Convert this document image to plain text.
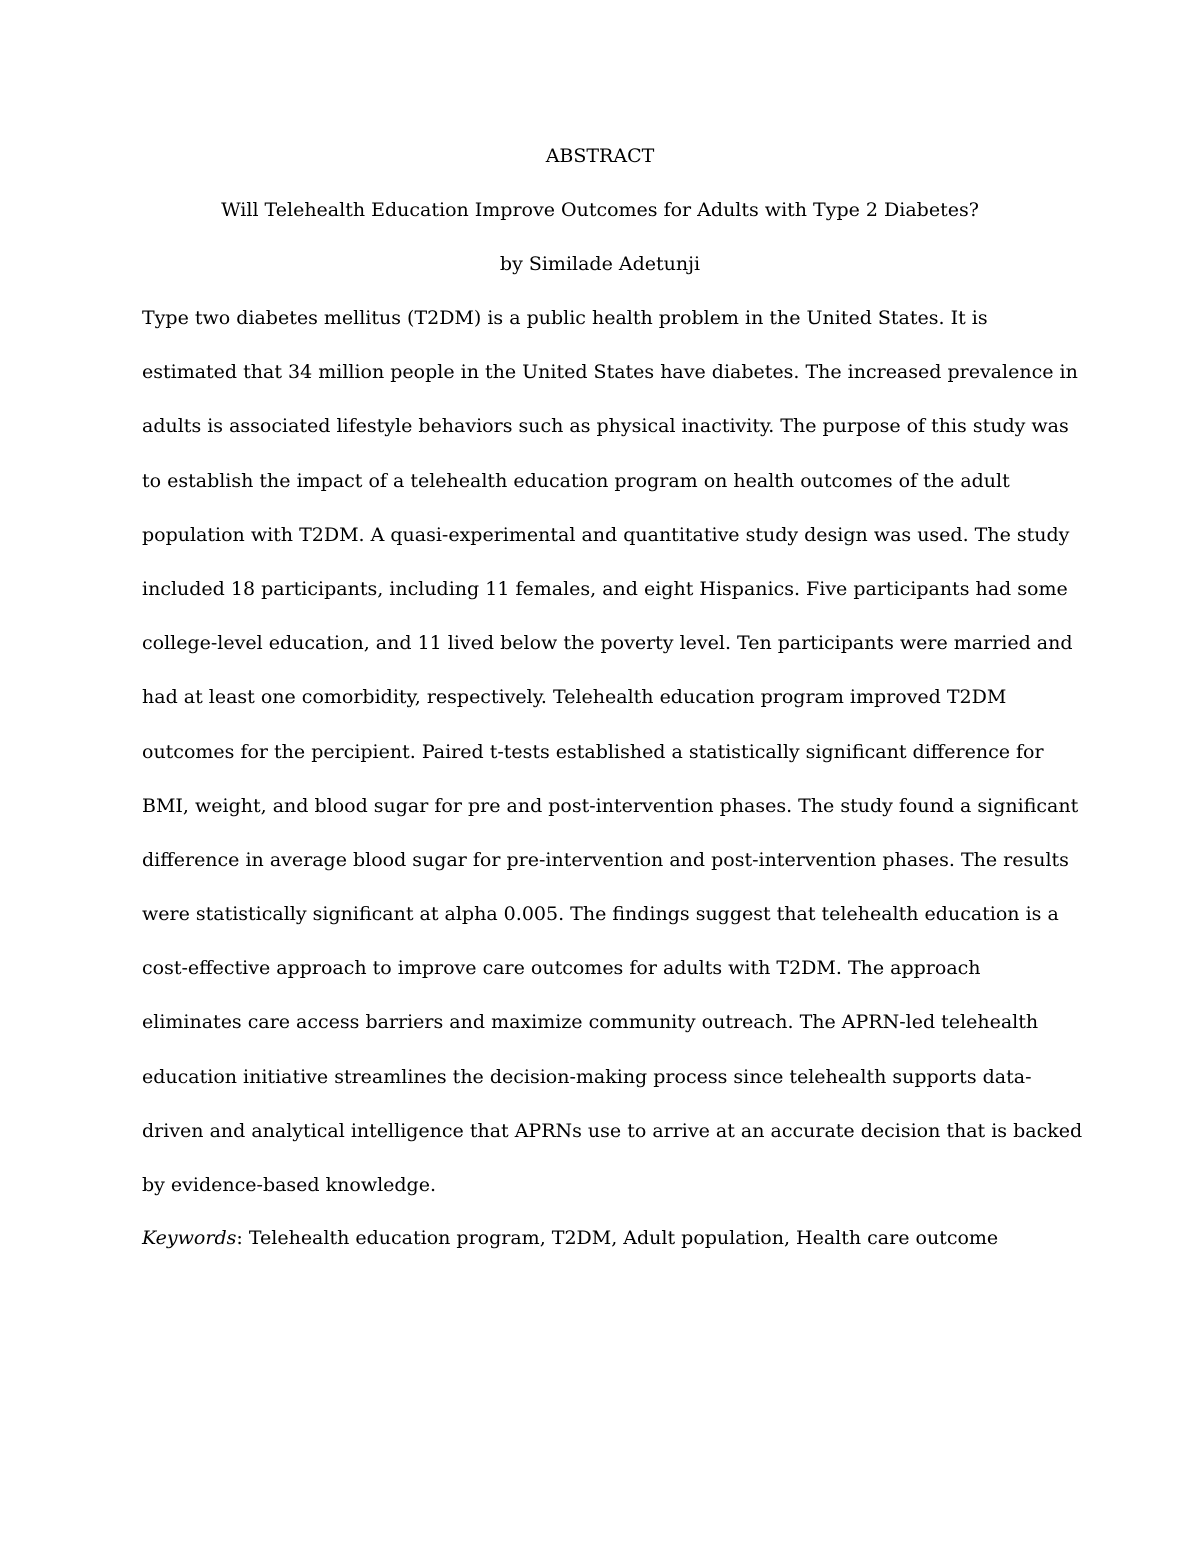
ABSTRACT
Will Telehealth Education Improve Outcomes for Adults with Type 2 Diabetes?
by Similade Adetunji
Type two diabetes mellitus (T2DM) is a public health problem in the United States. It is
estimated that 34 million people in the United States have diabetes. The increased prevalence in
adults is associated lifestyle behaviors such as physical inactivity. The purpose of this study was
to establish the impact of a telehealth education program on health outcomes of the adult
population with T2DM. A quasi-experimental and quantitative study design was used. The study
included 18 participants, including 11 females, and eight Hispanics. Five participants had some
college-level education, and 11 lived below the poverty level. Ten participants were married and
had at least one comorbidity, respectively. Telehealth education program improved T2DM
outcomes for the percipient. Paired t-tests established a statistically significant difference for
BMI, weight, and blood sugar for pre and post-intervention phases. The study found a significant
difference in average blood sugar for pre-intervention and post-intervention phases. The results
were statistically significant at alpha 0.005. The findings suggest that telehealth education is a
cost-effective approach to improve care outcomes for adults with T2DM. The approach
eliminates care access barriers and maximize community outreach. The APRN-led telehealth
education initiative streamlines the decision-making process since telehealth supports data-
driven and analytical intelligence that APRNs use to arrive at an accurate decision that is backed
by evidence-based knowledge.
Keywords: Telehealth education program, T2DM, Adult population, Health care outcome
